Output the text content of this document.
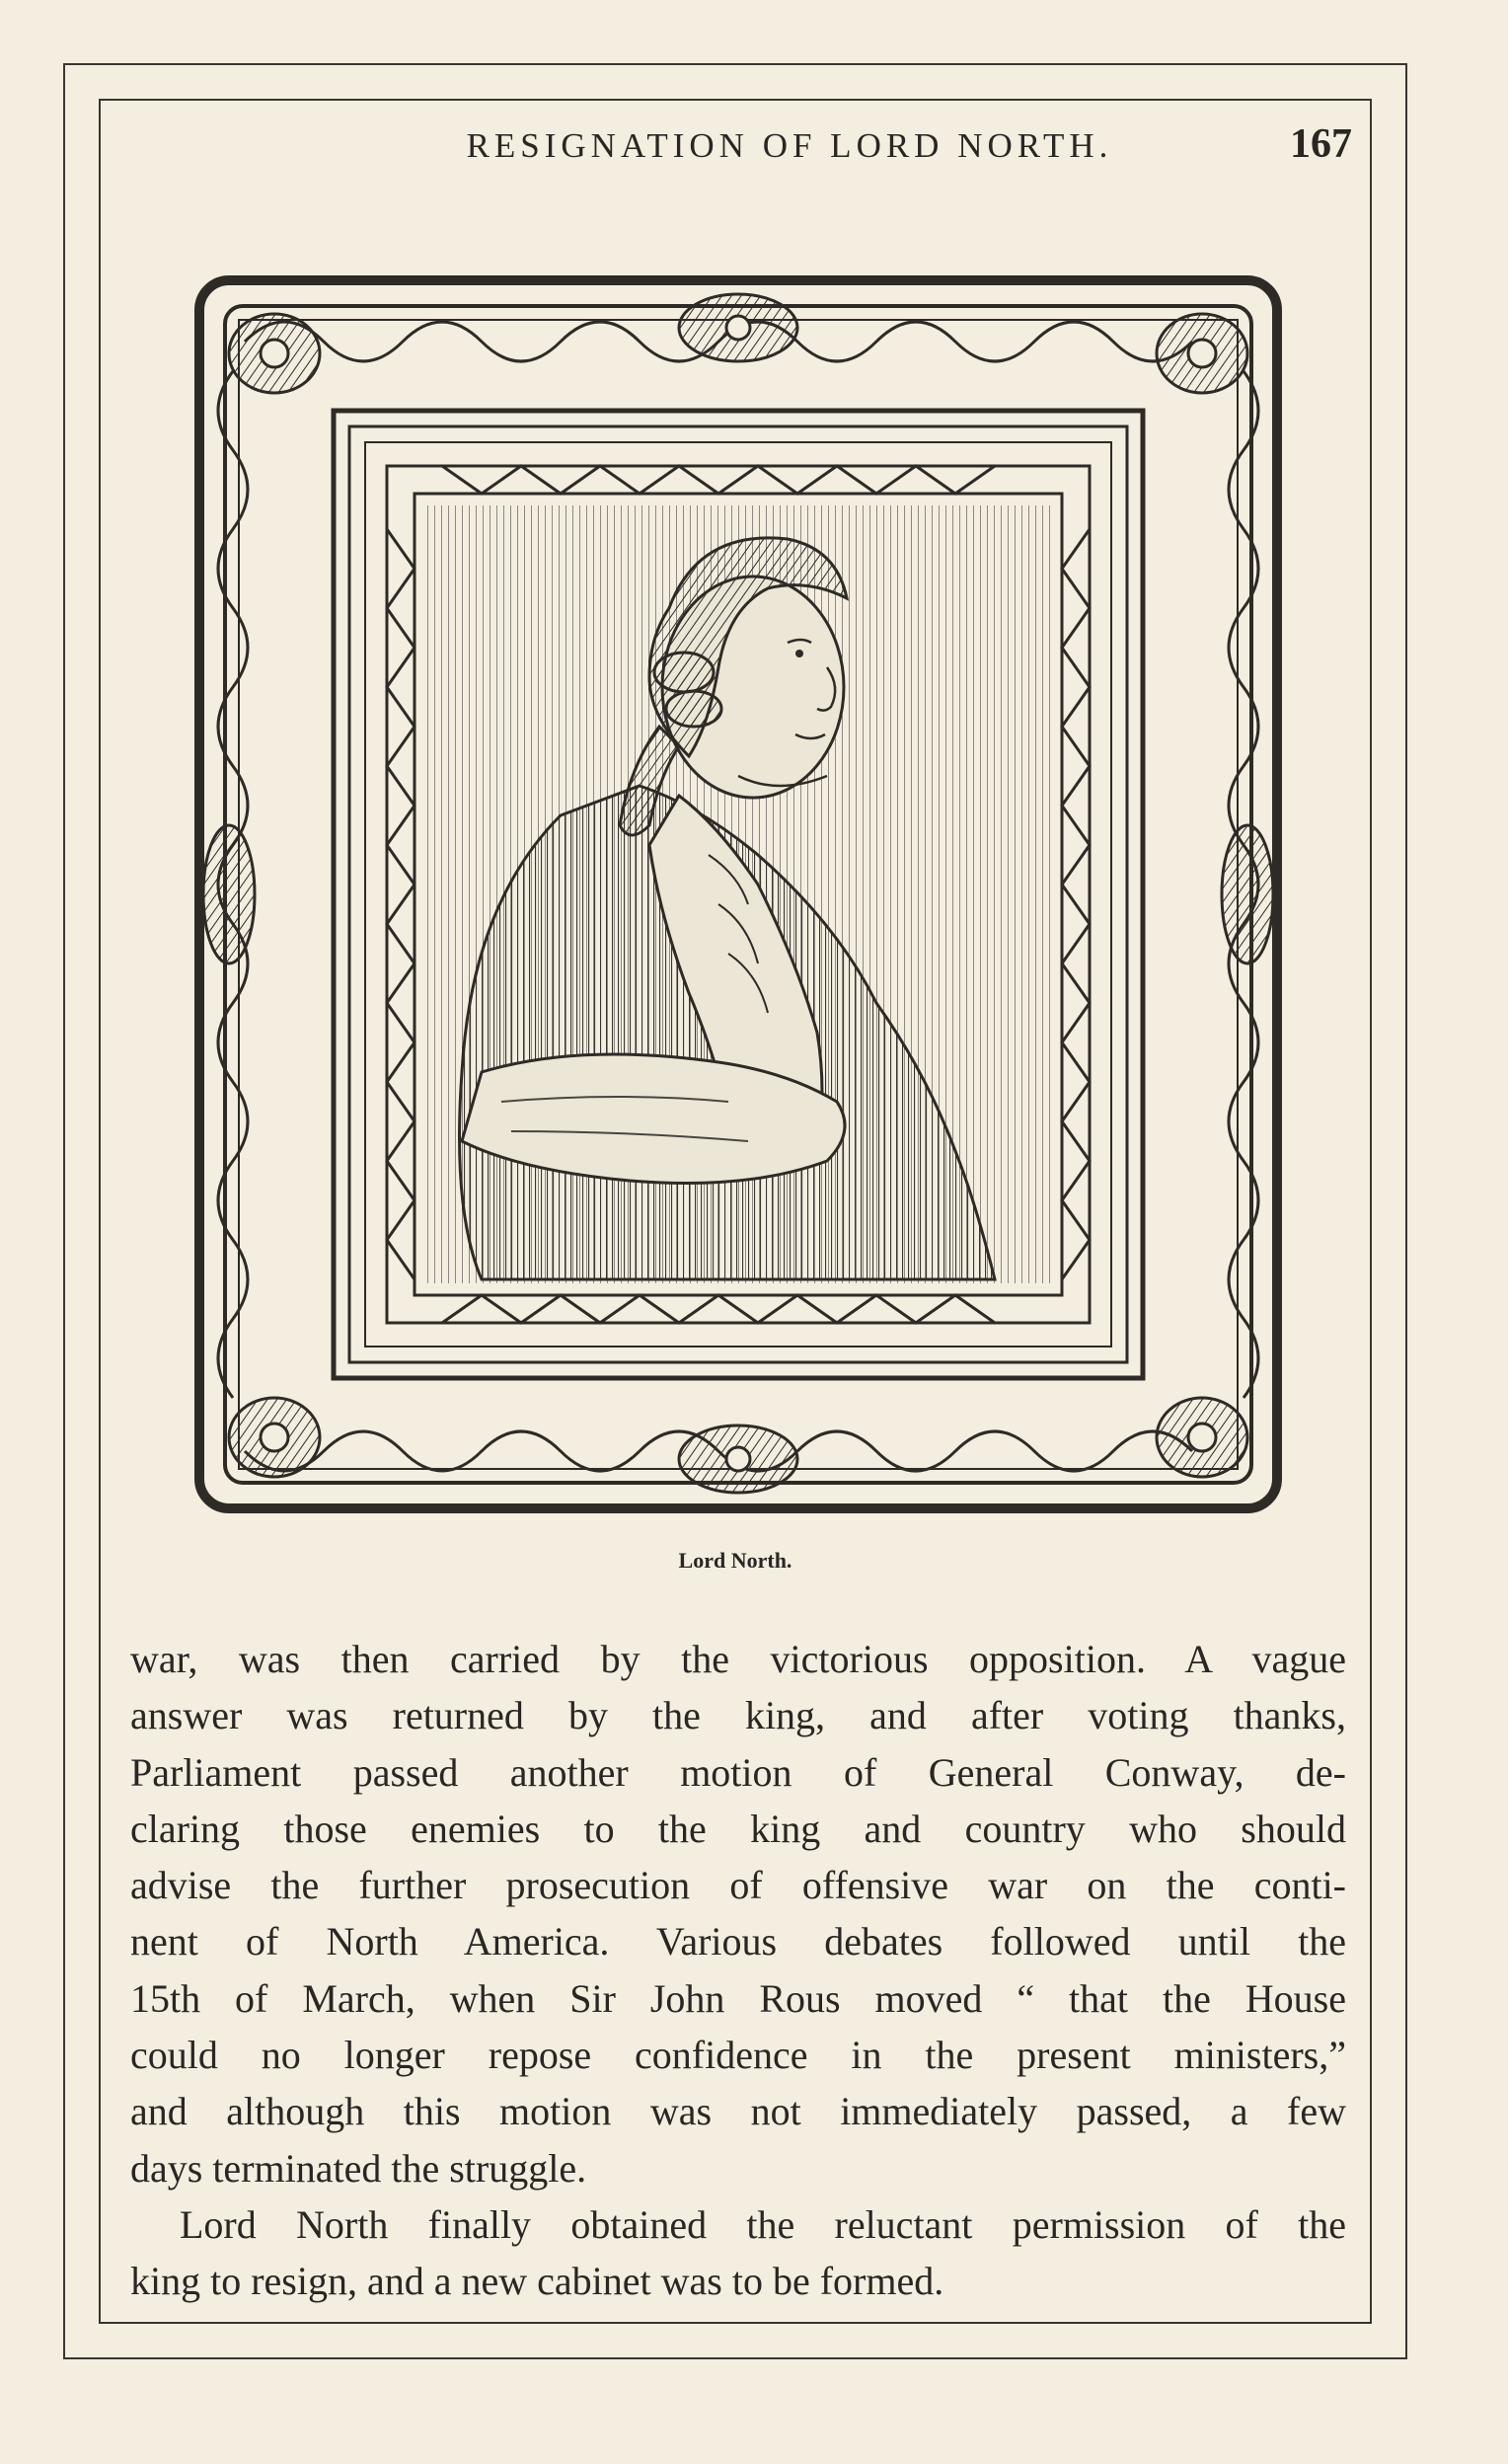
RESIGNATION OF LORD NORTH.	167
Lord North.
war, was then carried by the victorious opposition. A vague
answer was returned by the king, and after voting thanks,
Parliament passed another motion of General Conway, de-
claring those enemies to the king and country who should
advise the further prosecution of offensive war on the conti-
nent of North America. Various debates followed until the
15th of March, when Sir John Rous moved “ that the House
could no longer repose confidence in the present ministers,”
and although this motion was not immediately passed, a few
days terminated the struggle.
Lord North finally obtained the reluctant permission of the
king to resign, and a new cabinet was to be formed.
